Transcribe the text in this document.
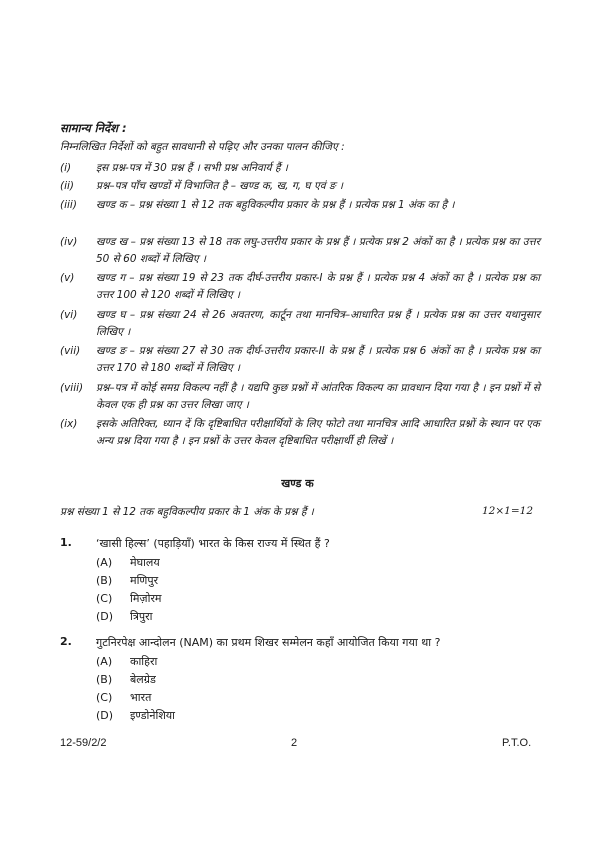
सामान्य निर्देश :
निम्नलिखित निर्देशों को बहुत सावधानी से पढ़िए और उनका पालन कीजिए :
(i)	इस प्रश्न-पत्र में 30 प्रश्न हैं । सभी प्रश्न अनिवार्य हैं ।
(ii)	प्रश्न–पत्र पाँच खण्डों में विभाजित है – खण्ड क, ख, ग, घ एवं ङ ।
(iii)	खण्ड क – प्रश्न संख्या 1 से 12 तक बहुविकल्पीय प्रकार के प्रश्न हैं । प्रत्येक प्रश्न 1 अंक का है ।
(iv)	खण्ड ख – प्रश्न संख्या 13 से 18 तक लघु-उत्तरीय प्रकार के प्रश्न हैं । प्रत्येक प्रश्न 2 अंकों का है । प्रत्येक प्रश्न का उत्तर 50 से 60 शब्दों में लिखिए ।
(v)	खण्ड ग – प्रश्न संख्या 19 से 23 तक दीर्घ-उत्तरीय प्रकार-I के प्रश्न हैं । प्रत्येक प्रश्न 4 अंकों का है । प्रत्येक प्रश्न का उत्तर 100 से 120 शब्दों में लिखिए ।
(vi)	खण्ड घ – प्रश्न संख्या 24 से 26 अवतरण, कार्टून तथा मानचित्र–आधारित प्रश्न हैं । प्रत्येक प्रश्न का उत्तर यथानुसार लिखिए ।
(vii)	खण्ड ङ – प्रश्न संख्या 27 से 30 तक दीर्घ-उत्तरीय प्रकार-II के प्रश्न हैं । प्रत्येक प्रश्न 6 अंकों का है । प्रत्येक प्रश्न का उत्तर 170 से 180 शब्दों में लिखिए ।
(viii)	प्रश्न–पत्र में कोई समग्र विकल्प नहीं है । यद्यपि कुछ प्रश्नों में आंतरिक विकल्प का प्रावधान दिया गया है । इन प्रश्नों में से केवल एक ही प्रश्न का उत्तर लिखा जाए ।
(ix)	इसके अतिरिक्त, ध्यान दें कि दृष्टिबाधित परीक्षार्थियों के लिए फोटो तथा मानचित्र आदि आधारित प्रश्नों के स्थान पर एक अन्य प्रश्न दिया गया है । इन प्रश्नों के उत्तर केवल दृष्टिबाधित परीक्षार्थी ही लिखें ।
खण्ड क
प्रश्न संख्या 1 से 12 तक बहुविकल्पीय प्रकार के 1 अंक के प्रश्न हैं ।	12×1=12
1. ‘खासी हिल्स’ (पहाड़ियाँ) भारत के किस राज्य में स्थित हैं ?
(A) मेघालय
(B) मणिपुर
(C) मिज़ोरम
(D) त्रिपुरा
2. गुटनिरपेक्ष आन्दोलन (NAM) का प्रथम शिखर सम्मेलन कहाँ आयोजित किया गया था ?
(A) काहिरा
(B) बेलग्रेड
(C) भारत
(D) इण्डोनेशिया
12-59/2/2	2	P.T.O.
